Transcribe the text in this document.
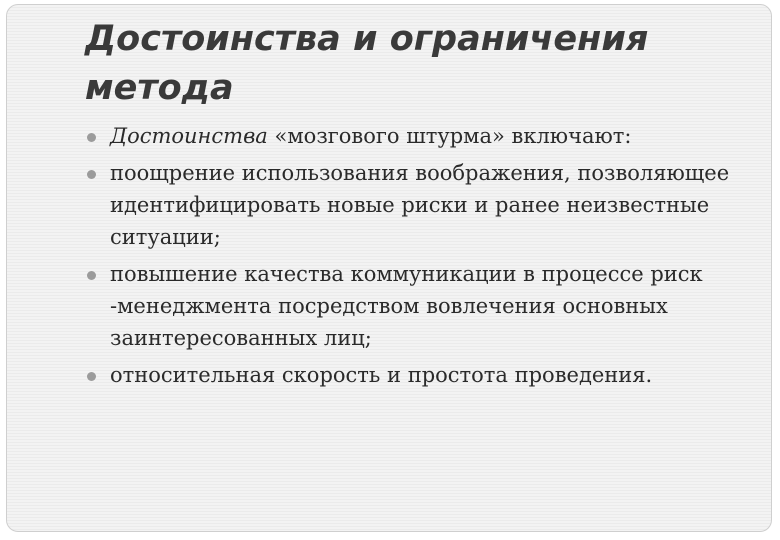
Достоинства и ограничения метода
Достоинства «мозгового штурма» включают:
поощрение использования воображения, позволяющее идентифицировать новые риски и ранее неизвестные ситуации;
повышение качества коммуникации в процессе риск -менеджмента посредством вовлечения основных заинтересованных лиц;
относительная скорость и простота проведения.
